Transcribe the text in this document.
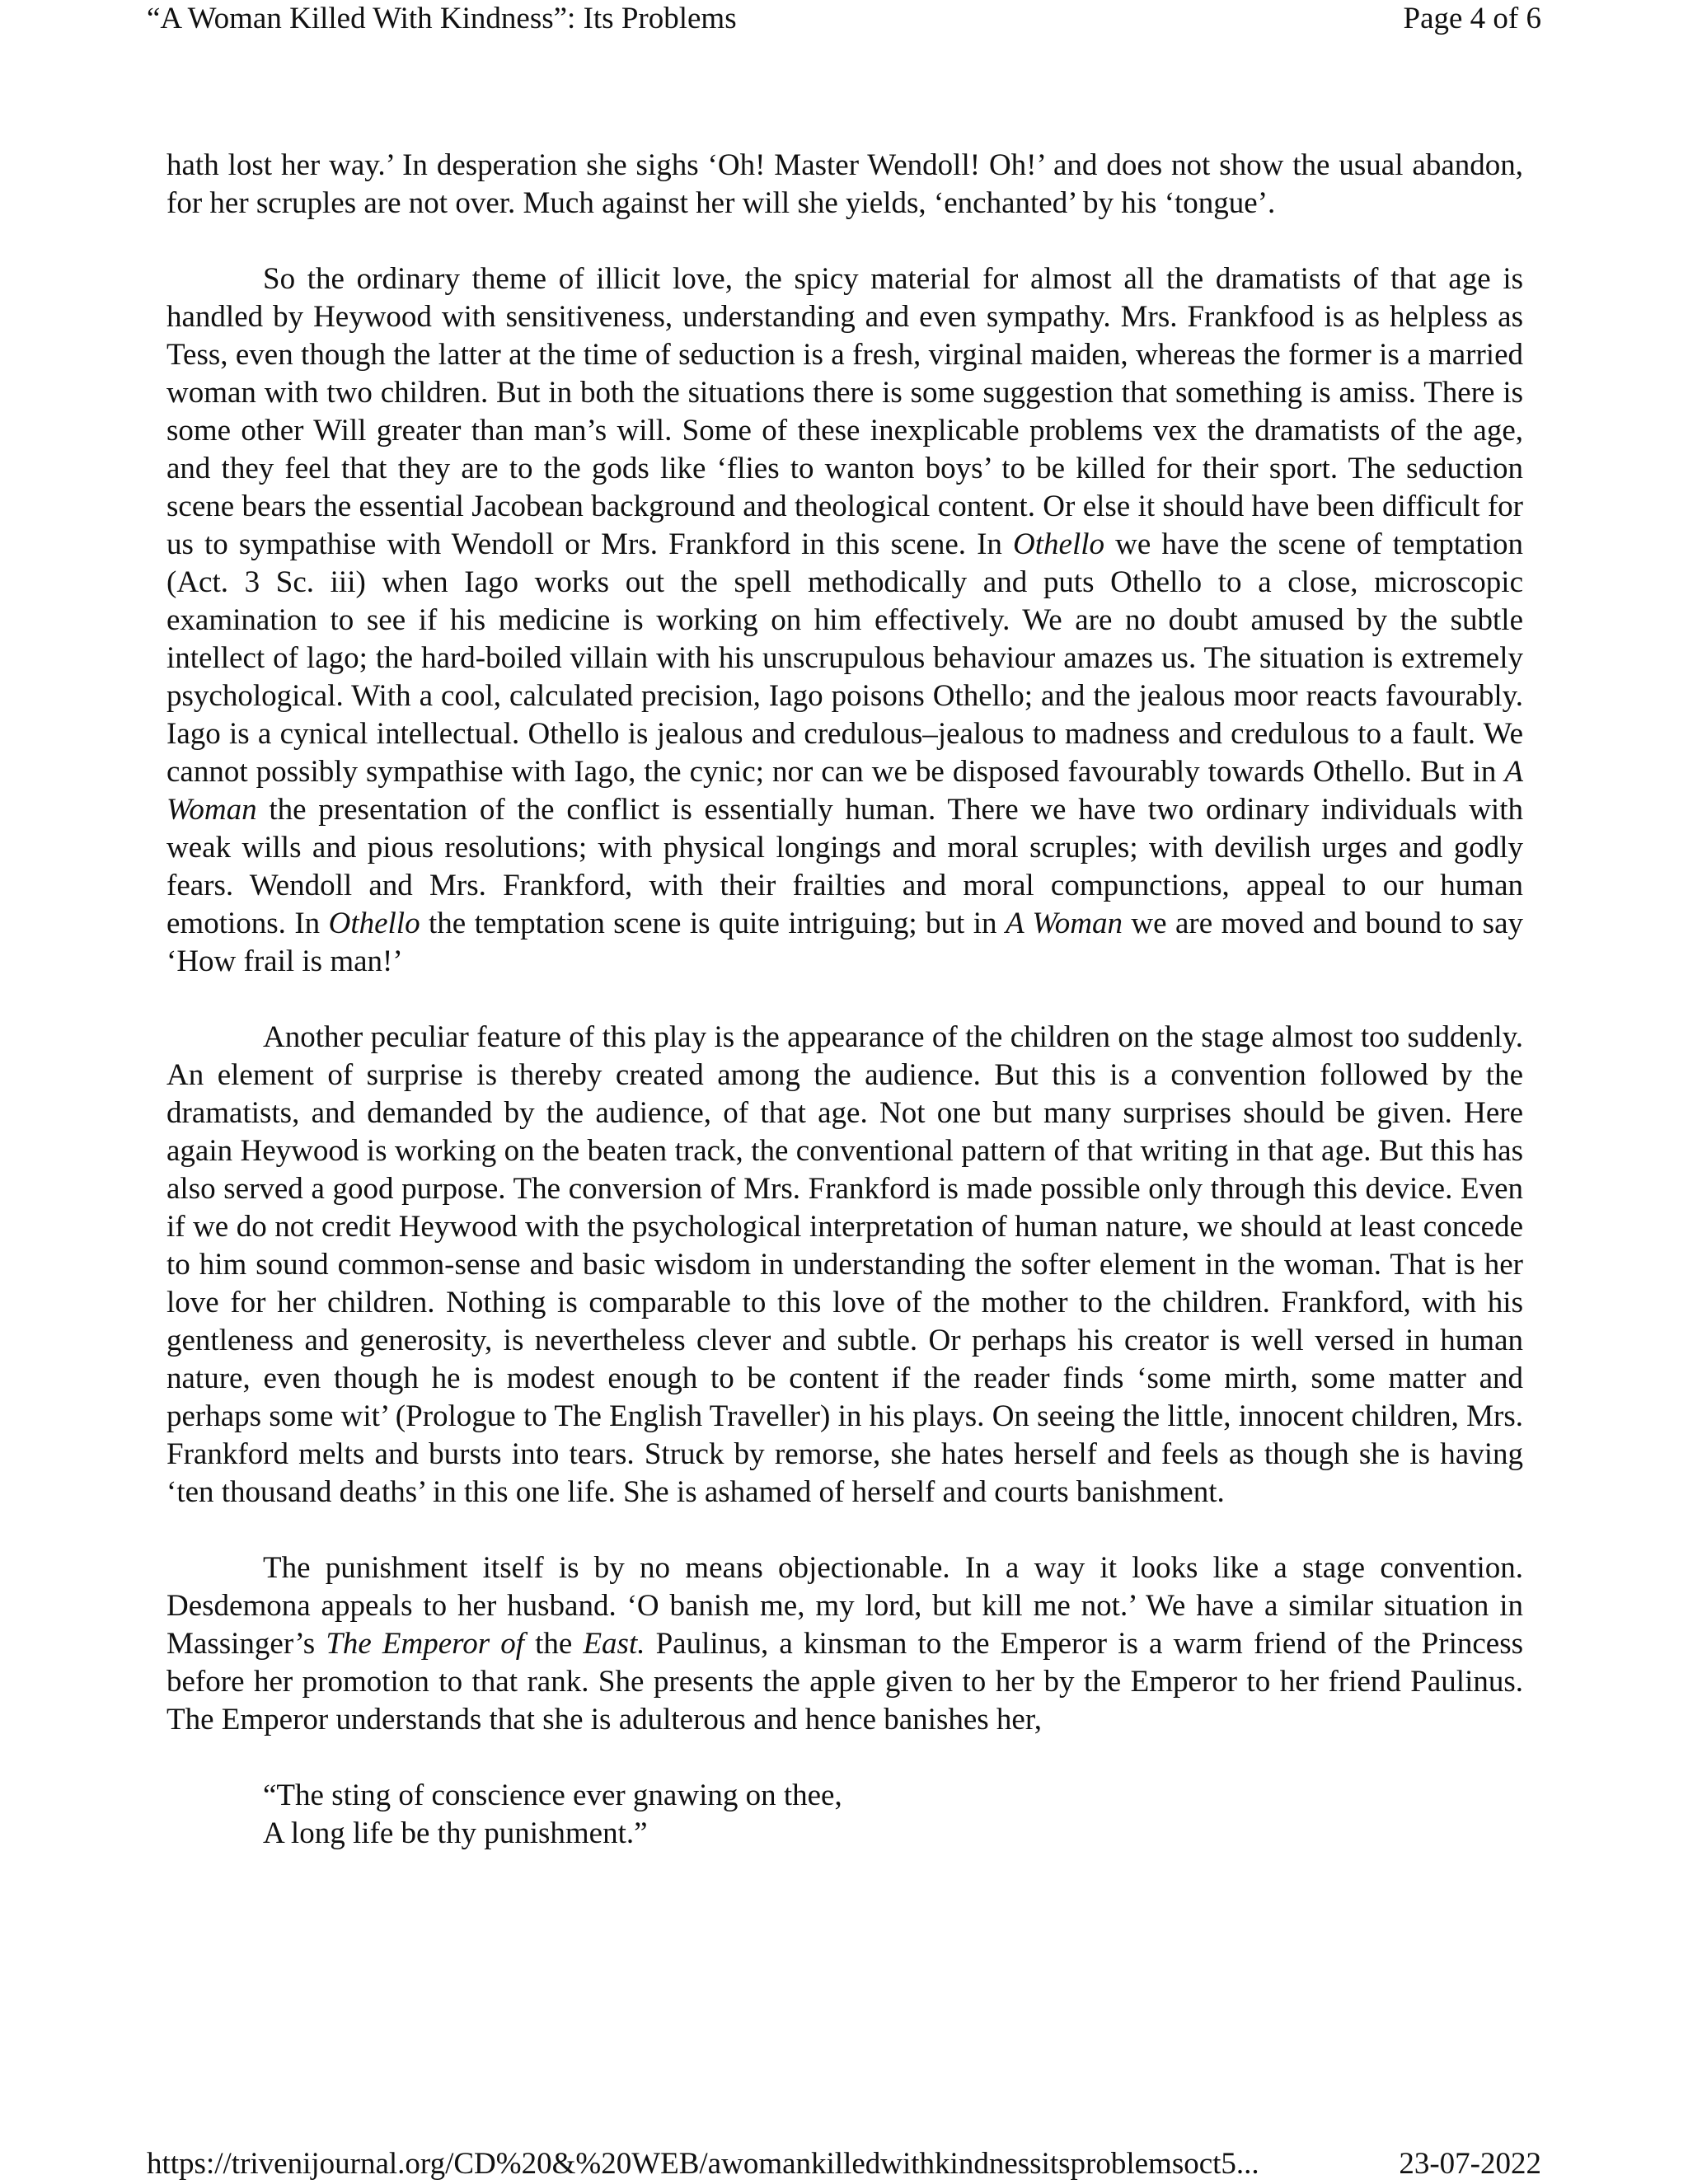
“A Woman Killed With Kindness”: Its Problems	Page 4 of 6

hath lost her way.’ In desperation she sighs ‘Oh! Master Wendoll! Oh!’ and does not show the usual abandon, for her scruples are not over. Much against her will she yields, ‘enchanted’ by his ‘tongue’.

So the ordinary theme of illicit love, the spicy material for almost all the dramatists of that age is handled by Heywood with sensitiveness, understanding and even sympathy. Mrs. Frankfood is as helpless as Tess, even though the latter at the time of seduction is a fresh, virginal maiden, whereas the former is a married woman with two children. But in both the situations there is some suggestion that something is amiss. There is some other Will greater than man’s will. Some of these inexplicable problems vex the dramatists of the age, and they feel that they are to the gods like ‘flies to wanton boys’ to be killed for their sport. The seduction scene bears the essential Jacobean background and theological content. Or else it should have been difficult for us to sympathise with Wendoll or Mrs. Frankford in this scene. In Othello we have the scene of temptation (Act. 3 Sc. iii) when Iago works out the spell methodically and puts Othello to a close, microscopic examination to see if his medicine is working on him effectively. We are no doubt amused by the subtle intellect of lago; the hard-boiled villain with his unscrupulous behaviour amazes us. The situation is extremely psychological. With a cool, calculated precision, Iago poisons Othello; and the jealous moor reacts favourably. Iago is a cynical intellectual. Othello is jealous and credulous–jealous to madness and credulous to a fault. We cannot possibly sympathise with Iago, the cynic; nor can we be disposed favourably towards Othello. But in A Woman the presentation of the conflict is essentially human. There we have two ordinary individuals with weak wills and pious resolutions; with physical longings and moral scruples; with devilish urges and godly fears. Wendoll and Mrs. Frankford, with their frailties and moral compunctions, appeal to our human emotions. In Othello the temptation scene is quite intriguing; but in A Woman we are moved and bound to say ‘How frail is man!’

Another peculiar feature of this play is the appearance of the children on the stage almost too suddenly. An element of surprise is thereby created among the audience. But this is a convention followed by the dramatists, and demanded by the audience, of that age. Not one but many surprises should be given. Here again Heywood is working on the beaten track, the conventional pattern of that writing in that age. But this has also served a good purpose. The conversion of Mrs. Frankford is made possible only through this device. Even if we do not credit Heywood with the psychological interpretation of human nature, we should at least concede to him sound common-sense and basic wisdom in understanding the softer element in the woman. That is her love for her children. Nothing is comparable to this love of the mother to the children. Frankford, with his gentleness and generosity, is nevertheless clever and subtle. Or perhaps his creator is well versed in human nature, even though he is modest enough to be content if the reader finds ‘some mirth, some matter and perhaps some wit’ (Prologue to The English Traveller) in his plays. On seeing the little, innocent children, Mrs. Frankford melts and bursts into tears. Struck by remorse, she hates herself and feels as though she is having ‘ten thousand deaths’ in this one life. She is ashamed of herself and courts banishment.

The punishment itself is by no means objectionable. In a way it looks like a stage convention. Desdemona appeals to her husband. ‘O banish me, my lord, but kill me not.’ We have a similar situation in Massinger’s The Emperor of the East. Paulinus, a kinsman to the Emperor is a warm friend of the Princess before her promotion to that rank. She presents the apple given to her by the Emperor to her friend Paulinus. The Emperor understands that she is adulterous and hence banishes her,

“The sting of conscience ever gnawing on thee,

A long life be thy punishment.”

https://trivenijournal.org/CD%20&%20WEB/awomankilledwithkindnessitsproblemsoct5...	23-07-2022
